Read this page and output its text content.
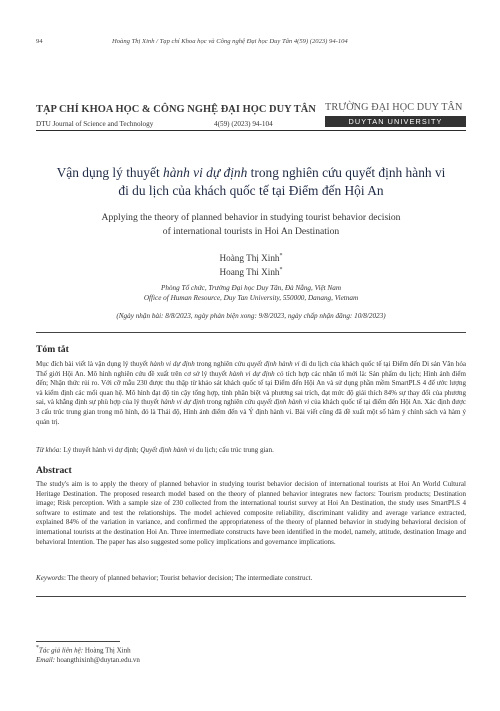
94	Hoàng Thị Xinh / Tạp chí Khoa học và Công nghệ Đại học Duy Tân 4(59) (2023) 94-104
TẠP CHÍ KHOA HỌC & CÔNG NGHỆ ĐẠI HỌC DUY TÂN
DTU Journal of Science and Technology	4(59) (2023) 94-104
TRƯỜNG ĐẠI HỌC DUY TÂN
DUYTAN UNIVERSITY
Vận dụng lý thuyết hành vi dự định trong nghiên cứu quyết định hành vi
đi du lịch của khách quốc tế tại Điểm đến Hội An
Applying the theory of planned behavior in studying tourist behavior decision
of international tourists in Hoi An Destination
Hoàng Thị Xinh*
Hoang Thi Xinh*
Phòng Tổ chức, Trường Đại học Duy Tân, Đà Nẵng, Việt Nam
Office of Human Resource, Duy Tan University, 550000, Danang, Vietnam
(Ngày nhận bài: 8/8/2023, ngày phản biện xong: 9/8/2023, ngày chấp nhận đăng: 10/8/2023)
Tóm tắt
Mục đích bài viết là vận dụng lý thuyết hành vi dự định trong nghiên cứu quyết định hành vi đi du lịch của khách quốc tế tại Điểm đến Di sản Văn hóa Thế giới Hội An. Mô hình nghiên cứu đề xuất trên cơ sở lý thuyết hành vi dự định có tích hợp các nhân tố mới là: Sản phẩm du lịch; Hình ảnh điểm đến; Nhận thức rủi ro. Với cỡ mẫu 230 được thu thập từ khảo sát khách quốc tế tại Điểm đến Hội An và sử dụng phần mềm SmartPLS 4 để ước lượng và kiểm định các mối quan hệ. Mô hình đạt độ tin cậy tổng hợp, tính phân biệt và phương sai trích, đạt mức độ giải thích 84% sự thay đổi của phương sai, và khẳng định sự phù hợp của lý thuyết hành vi dự định trong nghiên cứu quyết định hành vi của khách quốc tế tại điểm đến Hội An. Xác định được 3 cấu trúc trung gian trong mô hình, đó là Thái độ, Hình ảnh điểm đến và Ý định hành vi. Bài viết cũng đã đề xuất một số hàm ý chính sách và hàm ý quản trị.
Từ khóa: Lý thuyết hành vi dự định; Quyết định hành vi du lịch; cấu trúc trung gian.
Abstract
The study's aim is to apply the theory of planned behavior in studying tourist behavior decision of international tourists at Hoi An World Cultural Heritage Destination. The proposed research model based on the theory of planned behavior integrates new factors: Tourism products; Destination image; Risk perception. With a sample size of 230 collected from the international tourist survey at Hoi An Destination, the study uses SmartPLS 4 software to estimate and test the relationships. The model achieved composite reliability, discriminant validity and average variance extracted, explained 84% of the variation in variance, and confirmed the appropriateness of the theory of planned behavior in studying behavioral decision of international tourists at the destination Hoi An. Three intermediate constructs have been identified in the model, namely, attitude, destination Image and behavioral Intention. The paper has also suggested some policy implications and governance implications.
Keywords: The theory of planned behavior; Tourist behavior decision; The intermediate construct.
*Tác giả liên hệ: Hoàng Thị Xinh
Email: hoangthixinh@duytan.edu.vn
